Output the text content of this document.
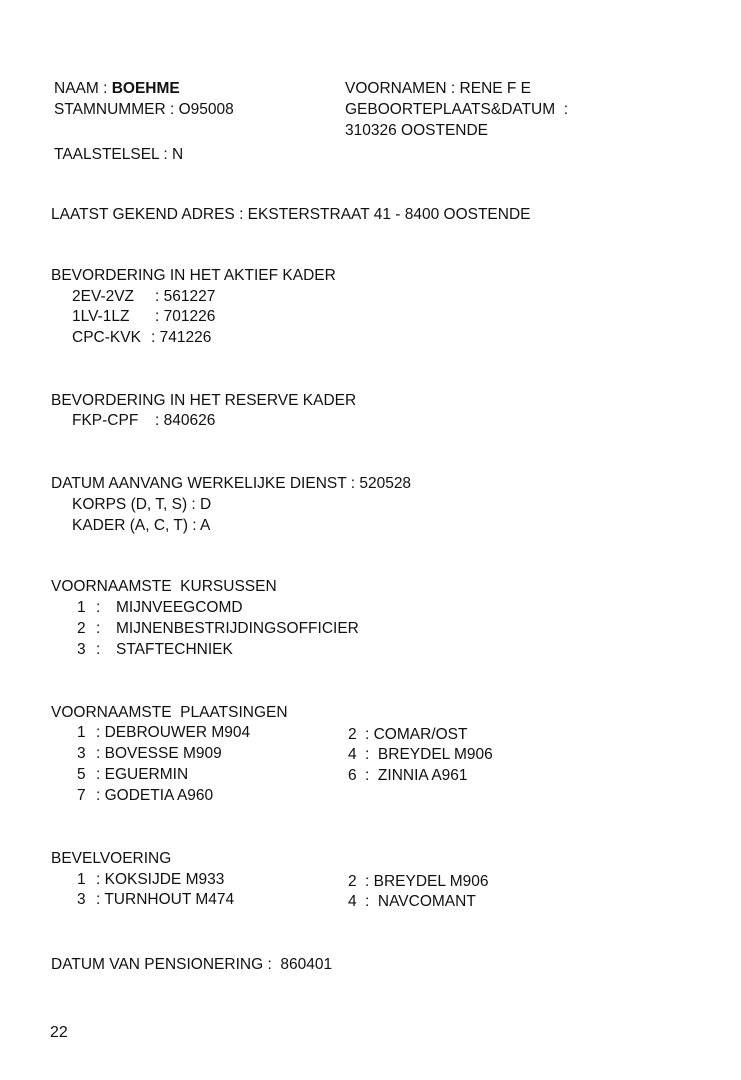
NAAM : BOEHME
STAMNUMMER : O95008
VOORNAMEN : RENE F E
GEBOORTEPLAATS&DATUM  :
310326 OOSTENDE
TAALSTELSEL : N
LAATST GEKEND ADRES : EKSTERSTRAAT 41 - 8400 OOSTENDE
BEVORDERING IN HET AKTIEF KADER
2EV-2VZ : 561227
1LV-1LZ : 701226
CPC-KVK : 741226
BEVORDERING IN HET RESERVE KADER
FKP-CPF : 840626
DATUM AANVANG WERKELIJKE DIENST : 520528
KORPS (D, T, S) : D
KADER (A, C, T) : A
VOORNAAMSTE  KURSUSSEN
1 : MIJNVEEGCOMD
2 : MIJNENBESTRIJDINGSOFFICIER
3 : STAFTECHNIEK
VOORNAAMSTE  PLAATSINGEN
1 : DEBROUWER M904
3 : BOVESSE M909
5 : EGUERMIN
7 : GODETIA A960
2 : COMAR/OST
4 :  BREYDEL M906
6 :  ZINNIA A961
BEVELVOERING
1 : KOKSIJDE M933
3 : TURNHOUT M474
2 : BREYDEL M906
4 :  NAVCOMANT
DATUM VAN PENSIONERING :  860401
22
